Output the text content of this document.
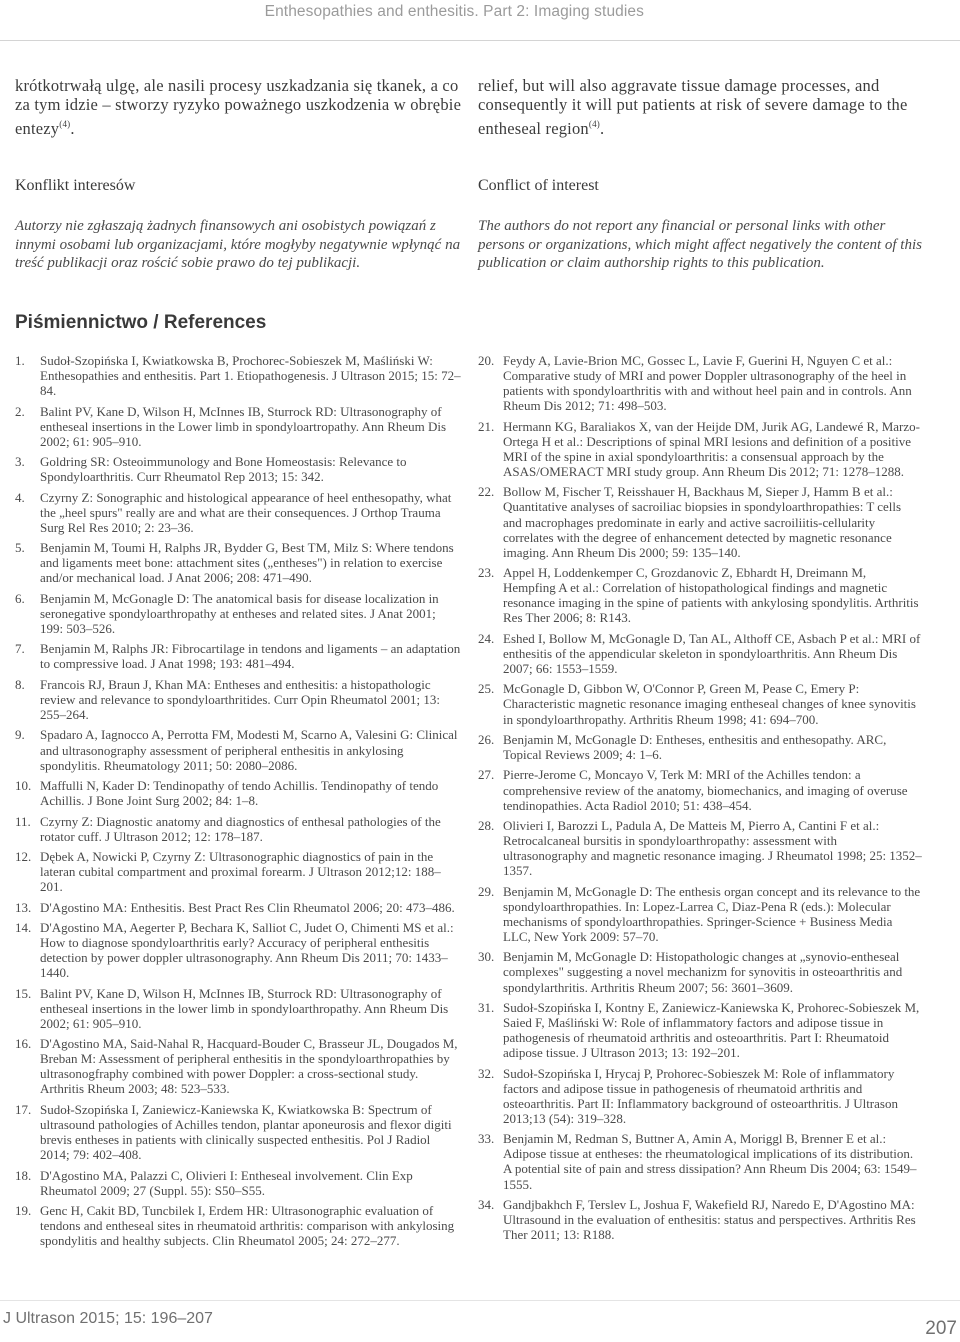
Enthesopathies and enthesitis. Part 2: Imaging studies

krótkotrwałą ulgę, ale nasili procesy uszkadzania się tkanek, a co za tym idzie – stworzy ryzyko poważnego uszkodzenia w obrębie entezy$^{(4)}$.

relief, but will also aggravate tissue damage processes, and consequently it will put patients at risk of severe damage to the entheseal region$^{(4)}$.

Konflikt interesów
Autorzy nie zgłaszają żadnych finansowych ani osobistych powiązań z innymi osobami lub organizacjami, które mogłyby negatywnie wpłynąć na treść publikacji oraz rościć sobie prawo do tej publikacji.
Conflict of interest
The authors do not report any financial or personal links with other persons or organizations, which might affect negatively the content of this publication or claim authorship rights to this publication.
Piśmiennictwo / References
1. Sudoł-Szopińska I, Kwiatkowska B, Prochorec-Sobieszek M, Maśliński W: Enthesopathies and enthesitis. Part 1. Etiopathogenesis. J Ultrason 2015; 15: 72–84.
2. Balint PV, Kane D, Wilson H, McInnes IB, Sturrock RD: Ultrasonography of entheseal insertions in the Lower limb in spondyloartropathy. Ann Rheum Dis 2002; 61: 905–910.
3. Goldring SR: Osteoimmunology and Bone Homeostasis: Relevance to Spondyloarthritis. Curr Rheumatol Rep 2013; 15: 342.
4. Czyrny Z: Sonographic and histological appearance of heel enthesopathy, what the „heel spurs" really are and what are their consequences. J Orthop Trauma Surg Rel Res 2010; 2: 23–36.
5. Benjamin M, Toumi H, Ralphs JR, Bydder G, Best TM, Milz S: Where tendons and ligaments meet bone: attachment sites („entheses") in relation to exercise and/or mechanical load. J Anat 2006; 208: 471–490.
6. Benjamin M, McGonagle D: The anatomical basis for disease localization in seronegative spondyloarthropathy at entheses and related sites. J Anat 2001; 199: 503–526.
7. Benjamin M, Ralphs JR: Fibrocartilage in tendons and ligaments – an adaptation to compressive load. J Anat 1998; 193: 481–494.
8. Francois RJ, Braun J, Khan MA: Entheses and enthesitis: a histopathologic review and relevance to spondyloarthritides. Curr Opin Rheumatol 2001; 13: 255–264.
9. Spadaro A, Iagnocco A, Perrotta FM, Modesti M, Scarno A, Valesini G: Clinical and ultrasonography assessment of peripheral enthesitis in ankylosing spondylitis. Rheumatology 2011; 50: 2080–2086.
10. Maffulli N, Kader D: Tendinopathy of tendo Achillis. Tendinopathy of tendo Achillis. J Bone Joint Surg 2002; 84: 1–8.
11. Czyrny Z: Diagnostic anatomy and diagnostics of enthesal pathologies of the rotator cuff. J Ultrason 2012; 12: 178–187.
12. Dębek A, Nowicki P, Czyrny Z: Ultrasonographic diagnostics of pain in the lateran cubital compartment and proximal forearm. J Ultrason 2012;12: 188–201.
13. D'Agostino MA: Enthesitis. Best Pract Res Clin Rheumatol 2006; 20: 473–486.
14. D'Agostino MA, Aegerter P, Bechara K, Salliot C, Judet O, Chimenti MS et al.: How to diagnose spondyloarthritis early? Accuracy of peripheral enthesitis detection by power doppler ultrasonography. Ann Rheum Dis 2011; 70: 1433–1440.
15. Balint PV, Kane D, Wilson H, McInnes IB, Sturrock RD: Ultrasonography of entheseal insertions in the lower limb in spondyloarthropathy. Ann Rheum Dis 2002; 61: 905–910.
16. D'Agostino MA, Said-Nahal R, Hacquard-Bouder C, Brasseur JL, Dougados M, Breban M: Assessment of peripheral enthesitis in the spondyloarthropathies by ultrasonogfraphy combined with power Doppler: a cross-sectional study. Arthritis Rheum 2003; 48: 523–533.
17. Sudoł-Szopińska I, Zaniewicz-Kaniewska K, Kwiatkowska B: Spectrum of ultrasound pathologies of Achilles tendon, plantar aponeurosis and flexor digiti brevis entheses in patients with clinically suspected enthesitis. Pol J Radiol 2014; 79: 402–408.
18. D'Agostino MA, Palazzi C, Olivieri I: Entheseal involvement. Clin Exp Rheumatol 2009; 27 (Suppl. 55): S50–S55.
19. Genc H, Cakit BD, Tuncbilek I, Erdem HR: Ultrasonographic evaluation of tendons and entheseal sites in rheumatoid arthritis: comparison with ankylosing spondylitis and healthy subjects. Clin Rheumatol 2005; 24: 272–277.
20. Feydy A, Lavie-Brion MC, Gossec L, Lavie F, Guerini H, Nguyen C et al.: Comparative study of MRI and power Doppler ultrasonography of the heel in patients with spondyloarthritis with and without heel pain and in controls. Ann Rheum Dis 2012; 71: 498–503.
21. Hermann KG, Baraliakos X, van der Heijde DM, Jurik AG, Landewé R, Marzo-Ortega H et al.: Descriptions of spinal MRI lesions and definition of a positive MRI of the spine in axial spondyloarthritis: a consensual approach by the ASAS/OMERACT MRI study group. Ann Rheum Dis 2012; 71: 1278–1288.
22. Bollow M, Fischer T, Reisshauer H, Backhaus M, Sieper J, Hamm B et al.: Quantitative analyses of sacroiliac biopsies in spondyloarthropathies: T cells and macrophages predominate in early and active sacroiliitis-cellularity correlates with the degree of enhancement detected by magnetic resonance imaging. Ann Rheum Dis 2000; 59: 135–140.
23. Appel H, Loddenkemper C, Grozdanovic Z, Ebhardt H, Dreimann M, Hempfing A et al.: Correlation of histopathological findings and magnetic resonance imaging in the spine of patients with ankylosing spondylitis. Arthritis Res Ther 2006; 8: R143.
24. Eshed I, Bollow M, McGonagle D, Tan AL, Althoff CE, Asbach P et al.: MRI of enthesitis of the appendicular skeleton in spondyloarthritis. Ann Rheum Dis 2007; 66: 1553–1559.
25. McGonagle D, Gibbon W, O'Connor P, Green M, Pease C, Emery P: Characteristic magnetic resonance imaging entheseal changes of knee synovitis in spondyloarthropathy. Arthritis Rheum 1998; 41: 694–700.
26. Benjamin M, McGonagle D: Entheses, enthesitis and enthesopathy. ARC, Topical Reviews 2009; 4: 1–6.
27. Pierre-Jerome C, Moncayo V, Terk M: MRI of the Achilles tendon: a comprehensive review of the anatomy, biomechanics, and imaging of overuse tendinopathies. Acta Radiol 2010; 51: 438–454.
28. Olivieri I, Barozzi L, Padula A, De Matteis M, Pierro A, Cantini F et al.: Retrocalcaneal bursitis in spondyloarthropathy: assessment with ultrasonography and magnetic resonance imaging. J Rheumatol 1998; 25: 1352–1357.
29. Benjamin M, McGonagle D: The enthesis organ concept and its relevance to the spondyloarthropathies. In: Lopez-Larrea C, Diaz-Pena R (eds.): Molecular mechanisms of spondyloarthropathies. Springer-Science + Business Media LLC, New York 2009: 57–70.
30. Benjamin M, McGonagle D: Histopathologic changes at „synovio-entheseal complexes" suggesting a novel mechanizm for synovitis in osteoarthritis and spondylarthritis. Arthritis Rheum 2007; 56: 3601–3609.
31. Sudoł-Szopińska I, Kontny E, Zaniewicz-Kaniewska K, Prohorec-Sobieszek M, Saied F, Maśliński W: Role of inflammatory factors and adipose tissue in pathogenesis of rheumatoid arthritis and osteoarthritis. Part I: Rheumatoid adipose tissue. J Ultrason 2013; 13: 192–201.
32. Sudoł-Szopińska I, Hrycaj P, Prohorec-Sobieszek M: Role of inflammatory factors and adipose tissue in pathogenesis of rheumatoid arthritis and osteoarthritis. Part II: Inflammatory background of osteoarthritis. J Ultrason 2013;13 (54): 319–328.
33. Benjamin M, Redman S, Buttner A, Amin A, Moriggl B, Brenner E et al.: Adipose tissue at entheses: the rheumatological implications of its distribution. A potential site of pain and stress dissipation? Ann Rheum Dis 2004; 63: 1549–1555.
34. Gandjbakhch F, Terslev L, Joshua F, Wakefield RJ, Naredo E, D'Agostino MA: Ultrasound in the evaluation of enthesitis: status and perspectives. Arthritis Res Ther 2011; 13: R188.
J Ultrason 2015; 15: 196–207	207
